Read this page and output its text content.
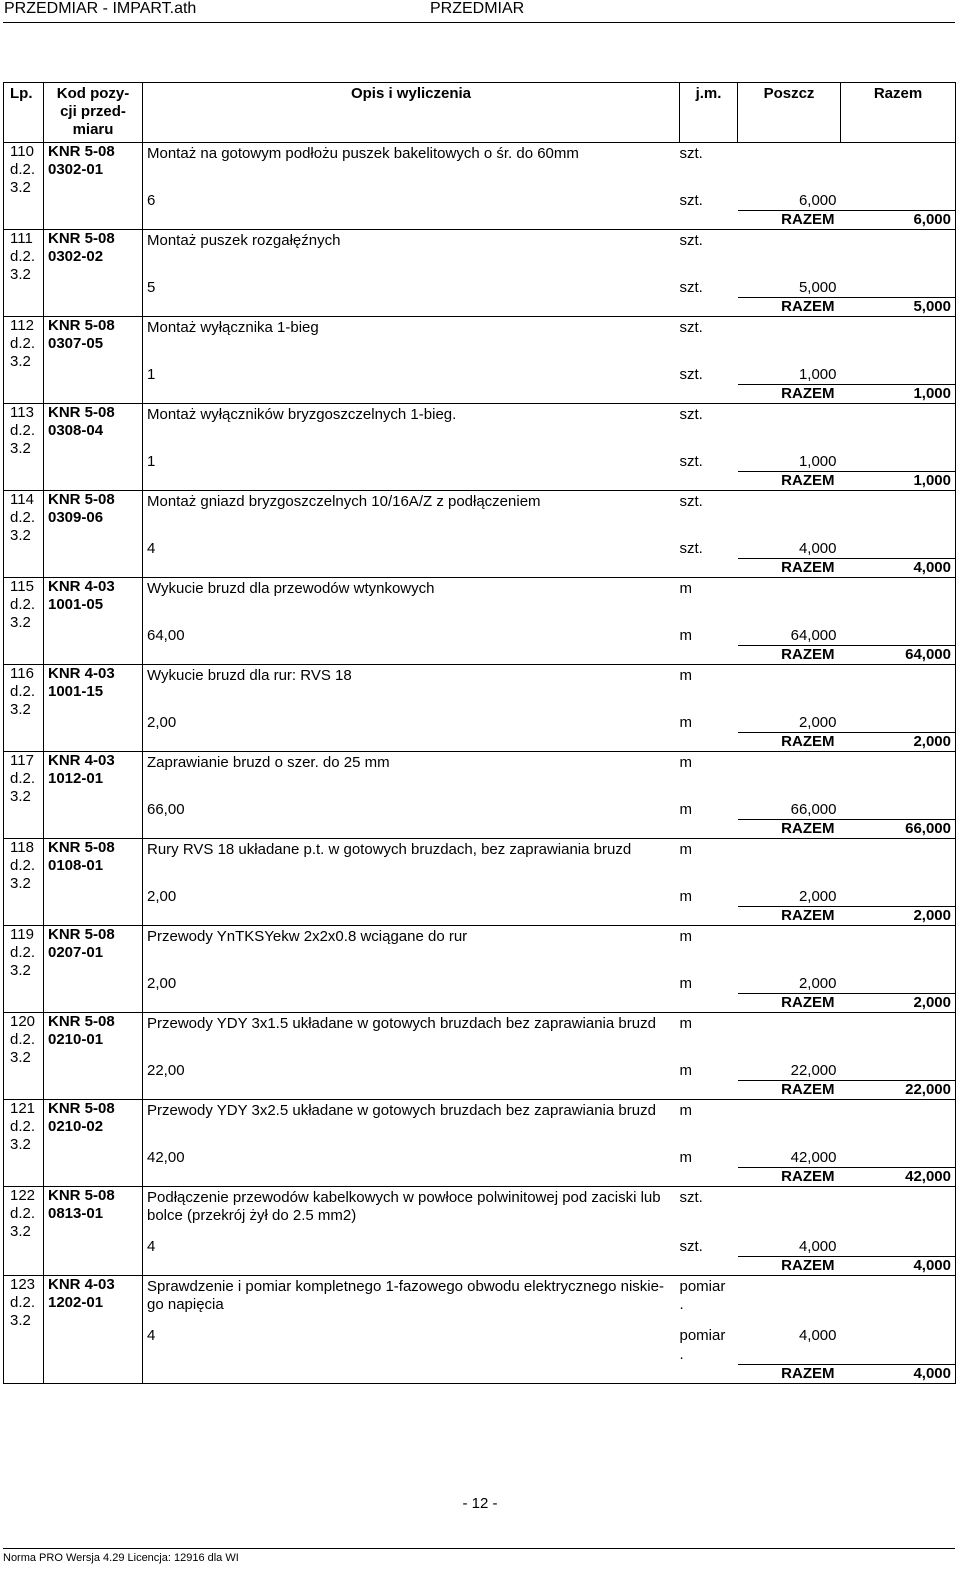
PRZEDMIAR - IMPART.ath	PRZEDMIAR
Lp.	Kod pozy-
cji przed-
miaru	Opis i wyliczenia	j.m.	Poszcz	Razem

110
d.2.
3.2	KNR 5-08
0302-01	Montaż na gotowym podłożu puszek bakelitowych o śr. do 60mm	szt.		
		6	szt.	6,000	
				RAZEM	6,000

111
d.2.
3.2	KNR 5-08
0302-02	Montaż puszek rozgałęźnych	szt.		
		5	szt.	5,000	
				RAZEM	5,000

112
d.2.
3.2	KNR 5-08
0307-05	Montaż wyłącznika 1-bieg	szt.		
		1	szt.	1,000	
				RAZEM	1,000

113
d.2.
3.2	KNR 5-08
0308-04	Montaż wyłączników bryzgoszczelnych 1-bieg.	szt.		
		1	szt.	1,000	
				RAZEM	1,000

114
d.2.
3.2	KNR 5-08
0309-06	Montaż gniazd bryzgoszczelnych 10/16A/Z z podłączeniem	szt.		
		4	szt.	4,000	
				RAZEM	4,000

115
d.2.
3.2	KNR 4-03
1001-05	Wykucie bruzd dla przewodów wtynkowych	m		
		64,00	m	64,000	
				RAZEM	64,000

116
d.2.
3.2	KNR 4-03
1001-15	Wykucie bruzd dla rur: RVS 18	m		
		2,00	m	2,000	
				RAZEM	2,000

117
d.2.
3.2	KNR 4-03
1012-01	Zaprawianie bruzd o szer. do 25 mm	m		
		66,00	m	66,000	
				RAZEM	66,000

118
d.2.
3.2	KNR 5-08
0108-01	Rury RVS 18 układane p.t. w gotowych bruzdach, bez zaprawiania bruzd	m		
		2,00	m	2,000	
				RAZEM	2,000

119
d.2.
3.2	KNR 5-08
0207-01	Przewody YnTKSYekw 2x2x0.8 wciągane do rur	m		
		2,00	m	2,000	
				RAZEM	2,000

120
d.2.
3.2	KNR 5-08
0210-01	Przewody YDY 3x1.5 układane w gotowych bruzdach bez zaprawiania bruzd	m		
		22,00	m	22,000	
				RAZEM	22,000

121
d.2.
3.2	KNR 5-08
0210-02	Przewody YDY 3x2.5 układane w gotowych bruzdach bez zaprawiania bruzd	m		
		42,00	m	42,000	
				RAZEM	42,000

122
d.2.
3.2	KNR 5-08
0813-01	Podłączenie przewodów kabelkowych w powłoce polwinitowej pod zaciski lub
bolce (przekrój żył do 2.5 mm2)	szt.		
		4	szt.	4,000	
				RAZEM	4,000

123
d.2.
3.2	KNR 4-03
1202-01	Sprawdzenie i pomiar kompletnego 1-fazowego obwodu elektrycznego niskie-
go napięcia	pomiar
.		
		4	pomiar
.	4,000	
				RAZEM	4,000
- 12 -
Norma PRO Wersja 4.29 Licencja: 12916 dla WI
